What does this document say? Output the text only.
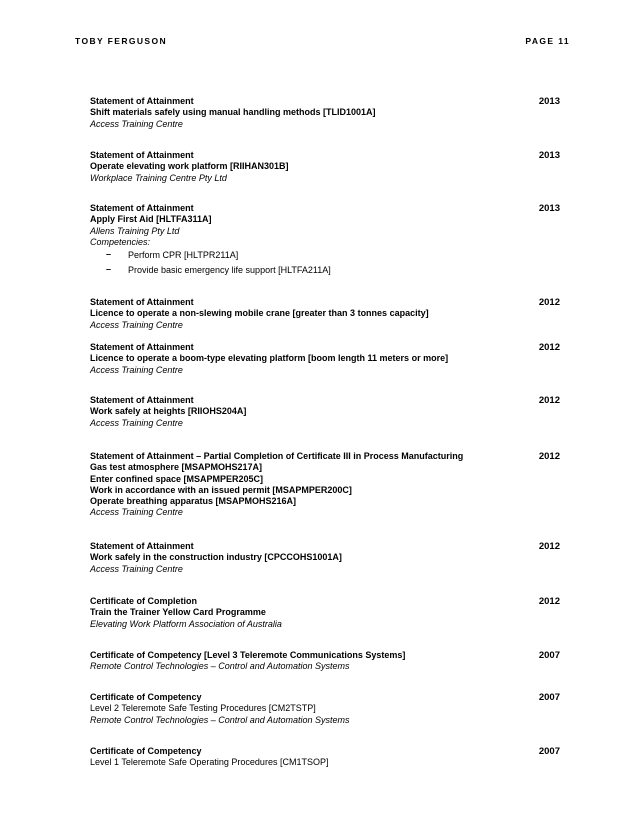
TOBY FERGUSON	PAGE 11
Statement of Attainment
Shift materials safely using manual handling methods [TLID1001A]
Access Training Centre
2013
Statement of Attainment
Operate elevating work platform [RIIHAN301B]
Workplace Training Centre Pty Ltd
2013
Statement of Attainment
Apply First Aid [HLTFA311A]
Allens Training Pty Ltd
Competencies:
– Perform CPR [HLTPR211A]
– Provide basic emergency life support [HLTFA211A]
2013
Statement of Attainment
Licence to operate a non-slewing mobile crane [greater than 3 tonnes capacity]
Access Training Centre
2012
Statement of Attainment
Licence to operate a boom-type elevating platform [boom length 11 meters or more]
Access Training Centre
2012
Statement of Attainment
Work safely at heights [RIIOHS204A]
Access Training Centre
2012
Statement of Attainment – Partial Completion of Certificate III in Process Manufacturing
Gas test atmosphere [MSAPMOHS217A]
Enter confined space [MSAPMPER205C]
Work in accordance with an issued permit [MSAPMPER200C]
Operate breathing apparatus [MSAPMOHS216A]
Access Training Centre
2012
Statement of Attainment
Work safely in the construction industry [CPCCOHS1001A]
Access Training Centre
2012
Certificate of Completion
Train the Trainer Yellow Card Programme
Elevating Work Platform Association of Australia
2012
Certificate of Competency [Level 3 Teleremote Communications Systems]
Remote Control Technologies – Control and Automation Systems
2007
Certificate of Competency
Level 2 Teleremote Safe Testing Procedures [CM2TSTP]
Remote Control Technologies – Control and Automation Systems
2007
Certificate of Competency
Level 1 Teleremote Safe Operating Procedures [CM1TSOP]
2007
